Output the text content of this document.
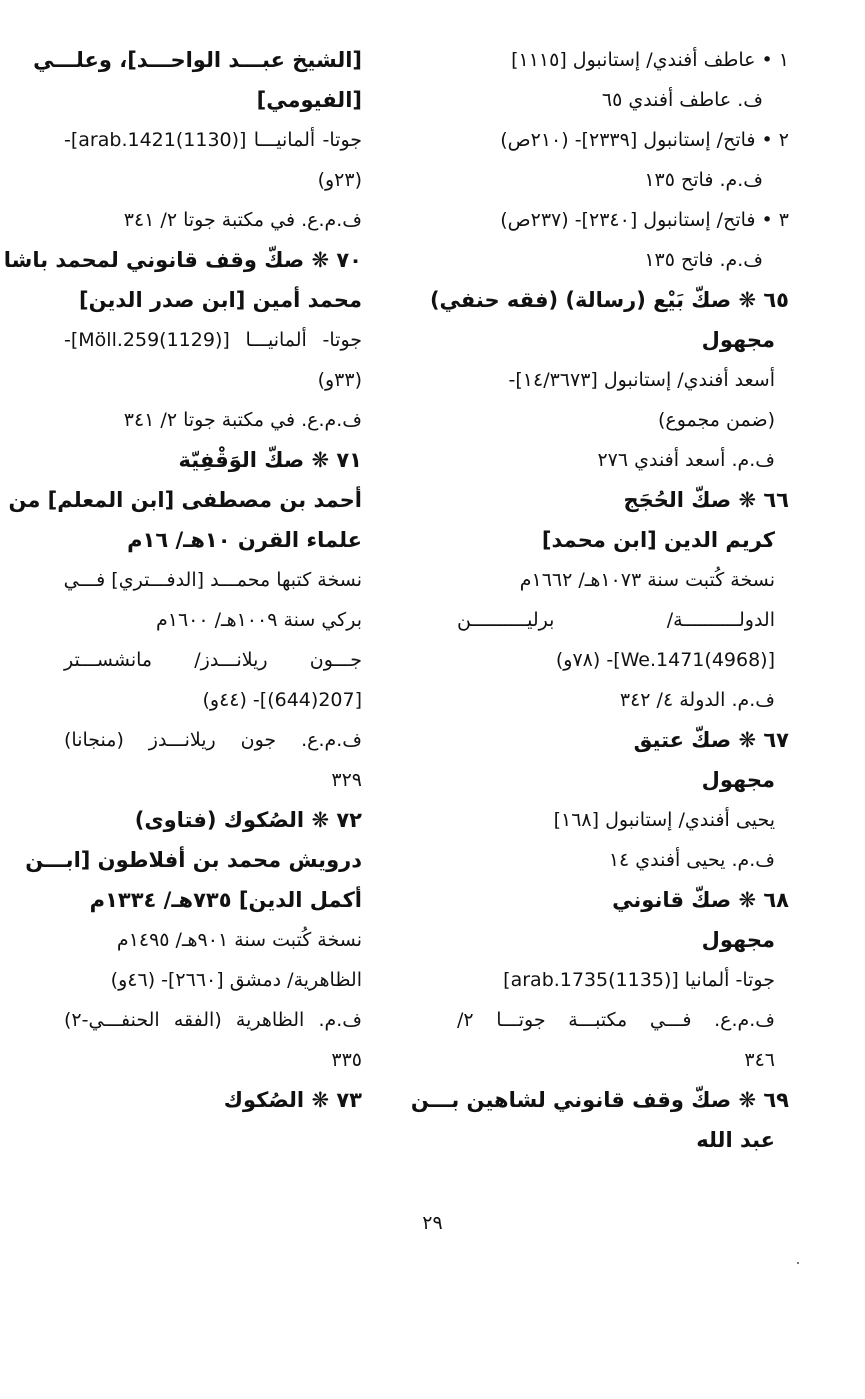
١ • عاطف أفندي/ إستانبول [١١١٥]
ف. عاطف أفندي ٦٥
٢ • فاتح/ إستانبول [٢٣٣٩]- (٢١٠ص)
ف.م. فاتح ١٣٥
٣ • فاتح/ إستانبول [٢٣٤٠]- (٢٣٧ص)
ف.م. فاتح ١٣٥
٦٥ ❋ صكّ بَيْع (رسالة) (فقه حنفي)
مجهول
أسعد أفندي/ إستانبول [١٤/٣٦٧٣]-
(ضمن مجموع)
ف.م. أسعد أفندي ٢٧٦
٦٦ ❋ صكّ الحُجَج
كريم الدين [ابن محمد]
نسخة كُتبت سنة ١٠٧٣هـ/ ١٦٦٢م
الدولــــــــــة/ برليــــــــــن
[(4968)We.1471]- (٧٨و)
ف.م. الدولة ٤/ ٣٤٢
٦٧ ❋ صكّ عتيق
مجهول
يحيى أفندي/ إستانبول [١٦٨]
ف.م. يحيى أفندي ١٤
٦٨ ❋ صكّ قانوني
مجهول
جوتا- ألمانيا [(1135)arab.1735]
ف.م.ع. فـــي مكتبـــة جوتـــا ٢/
٣٤٦
٦٩ ❋ صكّ وقف قانوني لشاهين بـــن
عبد الله
[الشيخ عبـــد الواحـــد]، وعلـــي
[الفيومي]
جوتا- ألمانيـــا [(1130)arab.1421]-
(٢٣و)
ف.م.ع. في مكتبة جوتا ٢/ ٣٤١
٧٠ ❋ صكّ وقف قانوني لمحمد باشا
محمد أمين [ابن صدر الدين]
جوتا- ألمانيـــا [(1129)Möll.259]-
(٣٣و)
ف.م.ع. في مكتبة جوتا ٢/ ٣٤١
٧١ ❋ صكّ الوَقْفِيّة
أحمد بن مصطفى [ابن المعلم] من
علماء القرن ١٠هـ/ ١٦م
نسخة كتبها محمـــد [الدفـــتري] فـــي
بركي سنة ١٠٠٩هـ/ ١٦٠٠م
جـــون ريلانـــدز/ مانشســـتر
[207(644)]- (٤٤و)
ف.م.ع. جون ريلانـــدز (منجانا)
٣٢٩
٧٢ ❋ الصُكوك (فتاوى)
درويش محمد بن أفلاطون [ابـــن
أكمل الدين] ٧٣٥هـ/ ١٣٣٤م
نسخة كُتبت سنة ٩٠١هـ/ ١٤٩٥م
الظاهرية/ دمشق [٢٦٦٠]- (٤٦و)
ف.م. الظاهرية (الفقه الحنفـــي-٢)
٣٣٥
٧٣ ❋ الصُكوك
٢٩
